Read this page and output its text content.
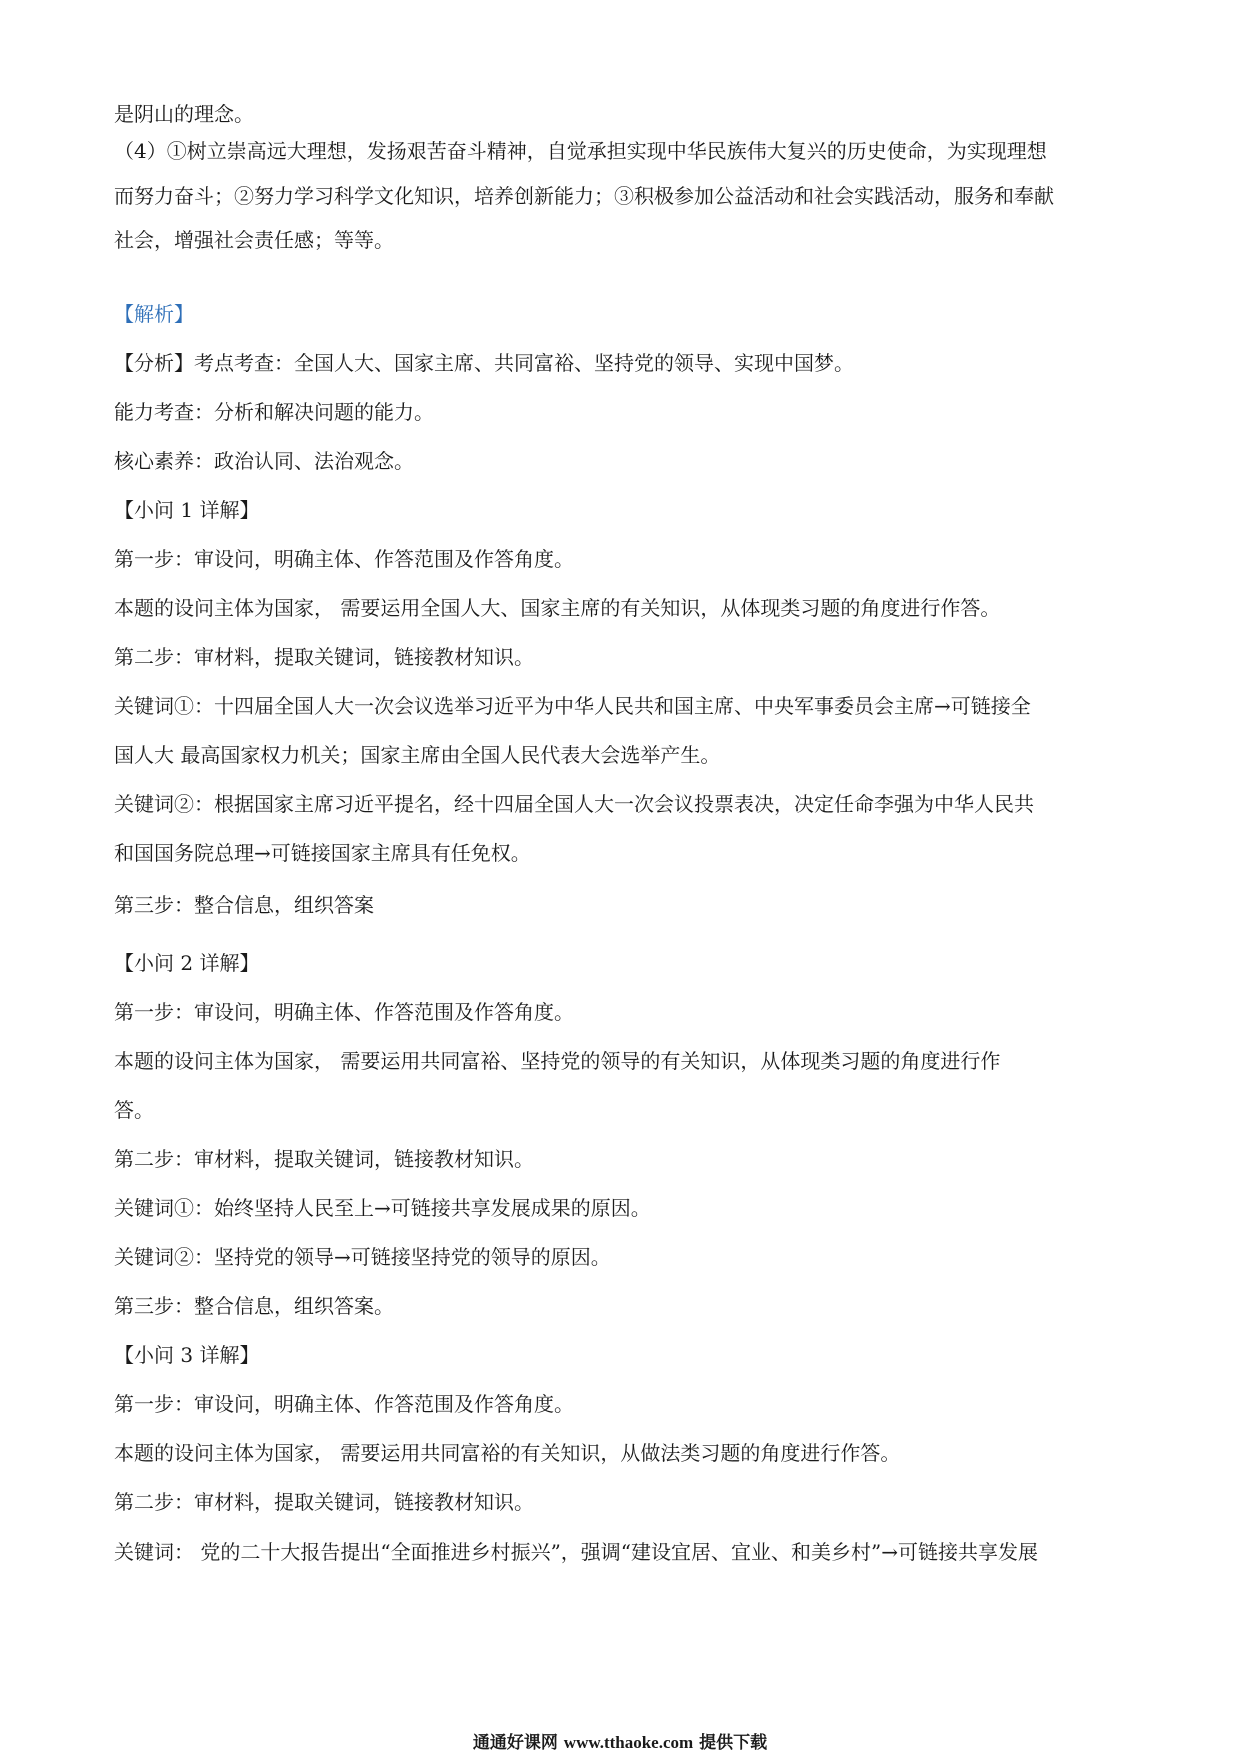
是阴山的理念。
（4）①树立崇高远大理想，发扬艰苦奋斗精神，自觉承担实现中华民族伟大复兴的历史使命，为实现理想
而努力奋斗；②努力学习科学文化知识，培养创新能力；③积极参加公益活动和社会实践活动，服务和奉献
社会，增强社会责任感；等等。
【解析】
【分析】考点考查：全国人大、国家主席、共同富裕、坚持党的领导、实现中国梦。
能力考查：分析和解决问题的能力。
核心素养：政治认同、法治观念。
【小问 1 详解】
第一步：审设问，明确主体、作答范围及作答角度。
本题的设问主体为国家， 需要运用全国人大、国家主席的有关知识，从体现类习题的角度进行作答。
第二步：审材料，提取关键词，链接教材知识。
关键词①：十四届全国人大一次会议选举习近平为中华人民共和国主席、中央军事委员会主席→可链接全
国人大 最高国家权力机关；国家主席由全国人民代表大会选举产生。
关键词②：根据国家主席习近平提名，经十四届全国人大一次会议投票表决，决定任命李强为中华人民共
和国国务院总理→可链接国家主席具有任免权。
第三步：整合信息，组织答案
【小问 2 详解】
第一步：审设问，明确主体、作答范围及作答角度。
本题的设问主体为国家， 需要运用共同富裕、坚持党的领导的有关知识，从体现类习题的角度进行作
答。
第二步：审材料，提取关键词，链接教材知识。
关键词①：始终坚持人民至上→可链接共享发展成果的原因。
关键词②：坚持党的领导→可链接坚持党的领导的原因。
第三步：整合信息，组织答案。
【小问 3 详解】
第一步：审设问，明确主体、作答范围及作答角度。
本题的设问主体为国家， 需要运用共同富裕的有关知识，从做法类习题的角度进行作答。
第二步：审材料，提取关键词，链接教材知识。
关键词： 党的二十大报告提出“全面推进乡村振兴”，强调“建设宜居、宜业、和美乡村”→可链接共享发展
通通好课网 www.tthaoke.com 提供下载
